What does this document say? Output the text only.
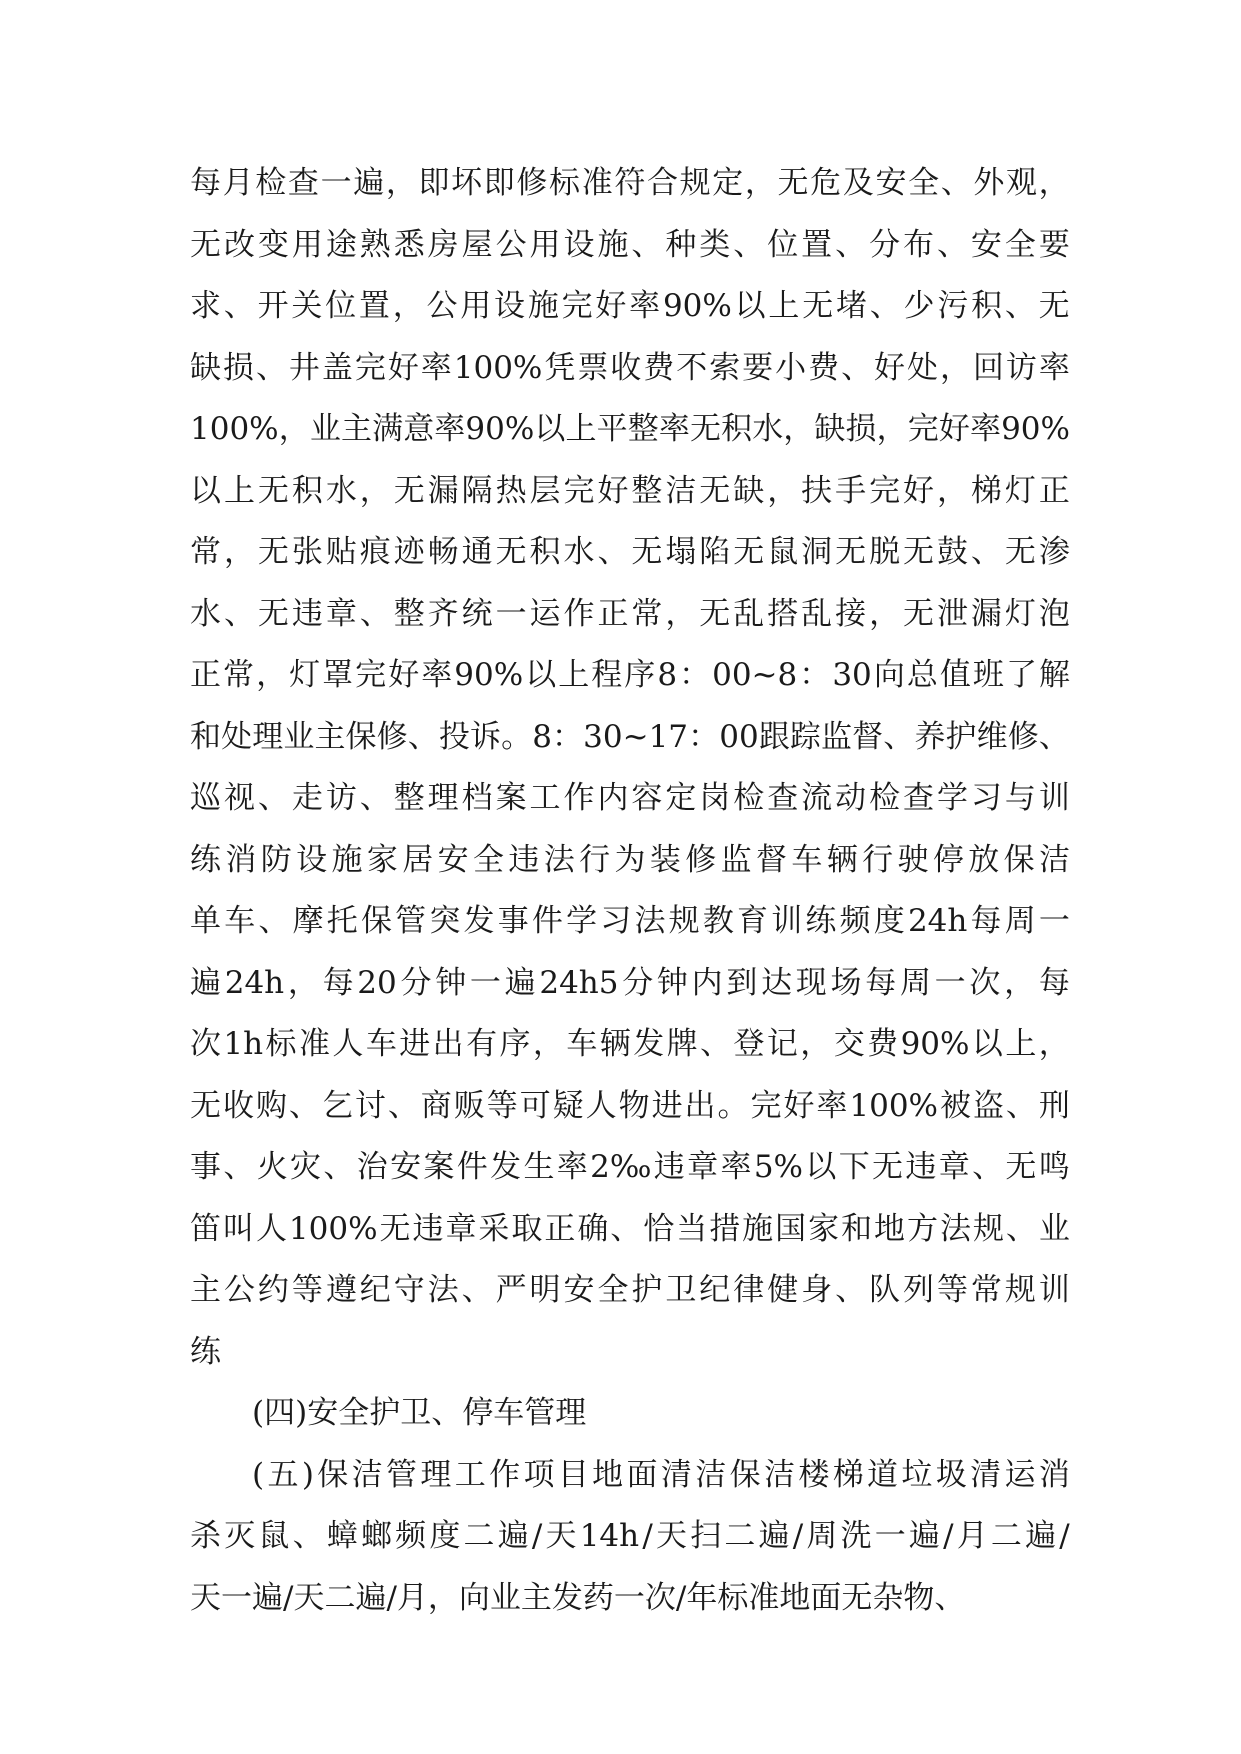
每 月 检 查 一 遍 ， 即 坏 即 修 标 准 符 合 规 定 ， 无 危 及 安 全 、 外 观 ，
无 改 变 用 途 熟 悉 房 屋 公 用 设 施 、 种 类 、 位 置 、 分 布 、 安 全 要
求 、 开 关 位 置 ， 公 用 设 施 完 好 率 90% 以 上 无 堵 、 少 污 积 、 无
缺 损 、 井 盖 完 好 率 100% 凭 票 收 费 不 索 要 小 费 、 好 处 ， 回 访 率
100% ， 业 主 满 意 率 90% 以 上 平 整 率 无 积 水 ， 缺 损 ， 完 好 率 90%
以 上 无 积 水 ， 无 漏 隔 热 层 完 好 整 洁 无 缺 ， 扶 手 完 好 ， 梯 灯 正
常 ， 无 张 贴 痕 迹 畅 通 无 积 水 、 无 塌 陷 无 鼠 洞 无 脱 无 鼓 、 无 渗
水 、 无 违 章 、 整 齐 统 一 运 作 正 常 ， 无 乱 搭 乱 接 ， 无 泄 漏 灯 泡
正 常 ， 灯 罩 完 好 率 90% 以 上 程 序 8 ： 00~8 ： 30 向 总 值 班 了 解
和 处 理 业 主 保 修 、 投 诉 。 8 ： 30~17 ： 00 跟 踪 监 督 、 养 护 维 修 、
巡 视 、 走 访 、 整 理 档 案 工 作 内 容 定 岗 检 查 流 动 检 查 学 习 与 训
练 消 防 设 施 家 居 安 全 违 法 行 为 装 修 监 督 车 辆 行 驶 停 放 保 洁
单 车 、 摩 托 保 管 突 发 事 件 学 习 法 规 教 育 训 练 频 度 24h 每 周 一
遍 24h ， 每 20 分 钟 一 遍 24h5 分 钟 内 到 达 现 场 每 周 一 次 ， 每
次 1h 标 准 人 车 进 出 有 序 ， 车 辆 发 牌 、 登 记 ， 交 费 90% 以 上 ，
无 收 购 、 乞 讨 、 商 贩 等 可 疑 人 物 进 出 。 完 好 率 100% 被 盗 、 刑
事 、 火 灾 、 治 安 案 件 发 生 率 2‰ 违 章 率 5% 以 下 无 违 章 、 无 鸣
笛 叫 人 100% 无 违 章 采 取 正 确 、 恰 当 措 施 国 家 和 地 方 法 规 、 业
主 公 约 等 遵 纪 守 法 、 严 明 安 全 护 卫 纪 律 健 身 、 队 列 等 常 规 训
练
(四)安全护卫、停车管理
( 五 ) 保 洁 管 理 工 作 项 目 地 面 清 洁 保 洁 楼 梯 道 垃 圾 清 运 消
杀 灭 鼠 、 蟑 螂 频 度 二 遍 / 天 14h / 天 扫 二 遍 / 周 洗 一 遍 / 月 二 遍 /
天一遍/天二遍/月，向业主发药一次/年标准地面无杂物、
